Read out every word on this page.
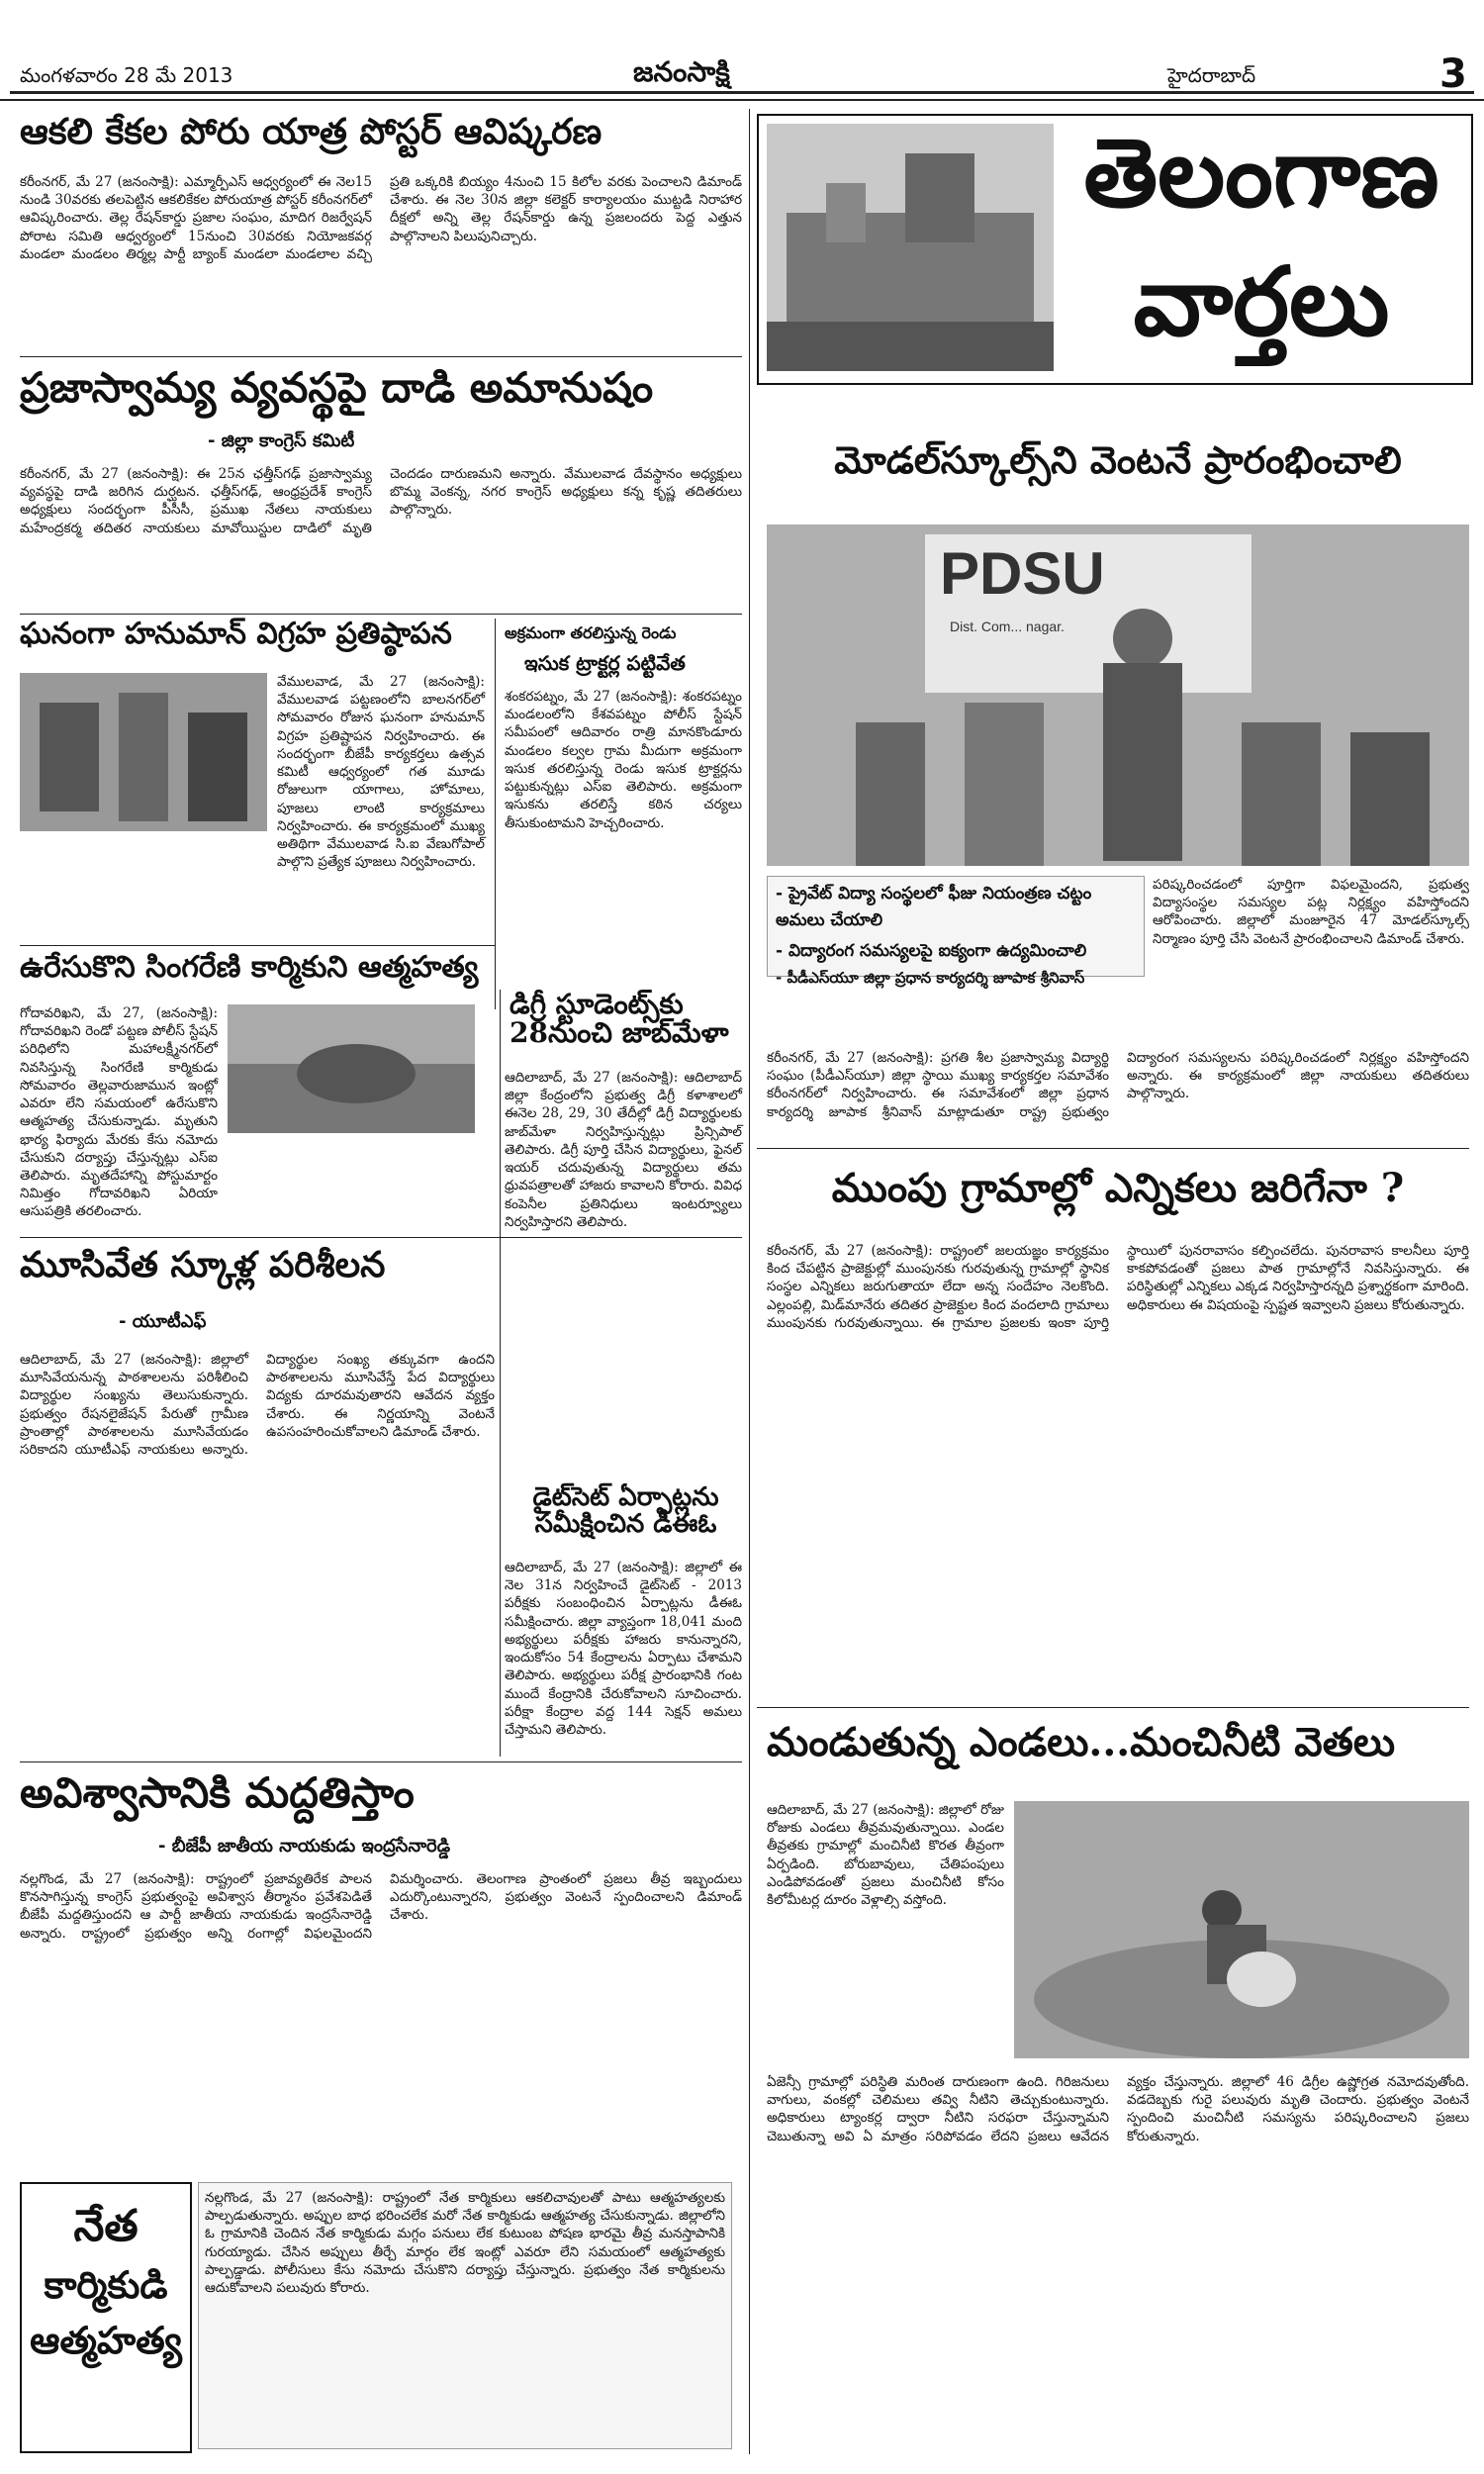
మంగళవారం 28 మే 2013	జనంసాక్షి	హైదరాబాద్	3
ఆకలి కేకల పోరు యాత్ర పోస్టర్ ఆవిష్కరణ
కరీంనగర్, మే 27 (జనంసాక్షి): ఎమ్మార్పీఎస్ ఆధ్వర్యంలో ఈ నెల15 నుండి 30వరకు తలపెట్టిన ఆకలికేకల పోరుయాత్ర పోస్టర్ కరీంనగర్‌లో ఆవిష్కరించారు. తెల్ల రేషన్‌కార్డు ప్రజాల సంఘం, మాదిగ రిజర్వేషన్ పోరాట సమితి ఆధ్వర్యంలో 15నుంచి 30వరకు నియోజకవర్గ మండలా మండలం తిర్మల్ల పార్టీ బ్యాంక్ మండలా మండలాల వచ్చి ప్రతి ఒక్కరికి బియ్యం 4నుంచి 15 కిలోల వరకు పెంచాలని డిమాండ్ చేశారు. ఈ నెల 30న జిల్లా కలెక్టర్ కార్యాలయం ముట్టడి నిరాహార దీక్షలో అన్ని తెల్ల రేషన్‌కార్డు ఉన్న ప్రజలందరు పెద్ద ఎత్తున పాల్గొనాలని పిలుపునిచ్చారు.
ప్రజాస్వామ్య వ్యవస్థపై దాడి అమానుషం
- జిల్లా కాంగ్రెస్ కమిటీ
కరీంనగర్, మే 27 (జనంసాక్షి): ఈ 25న ఛత్తీస్‌గఢ్ ప్రజాస్వామ్య వ్యవస్థపై దాడి జరిగిన దుర్ఘటన. ఛత్తీస్‌గఢ్, ఆంధ్రప్రదేశ్ కాంగ్రెస్ అధ్యక్షులు సందర్భంగా పీసీసీ, ప్రముఖ నేతలు నాయకులు మహేంద్రకర్మ తదితర నాయకులు మావోయిస్టుల దాడిలో మృతి చెందడం దారుణమని అన్నారు. వేములవాడ దేవస్థానం అధ్యక్షులు బొమ్మ వెంకన్న, నగర కాంగ్రెస్ అధ్యక్షులు కన్న కృష్ణ తదితరులు పాల్గొన్నారు.
ఘనంగా హనుమాన్ విగ్రహ ప్రతిష్ఠాపన
వేములవాడ, మే 27 (జనంసాక్షి): వేములవాడ పట్టణంలోని బాలనగర్‌లో సోమవారం రోజున ఘనంగా హనుమాన్ విగ్రహ ప్రతిష్టాపన నిర్వహించారు. ఈ సందర్భంగా బీజేపీ కార్యకర్తలు ఉత్సవ కమిటీ ఆధ్వర్యంలో గత మూడు రోజులుగా యాగాలు, హోమాలు, పూజలు లాంటి కార్యక్రమాలు నిర్వహించారు. ఈ కార్యక్రమంలో ముఖ్య అతిథిగా వేములవాడ సి.ఐ వేణుగోపాల్ పాల్గొని ప్రత్యేక పూజలు నిర్వహించారు.
అక్రమంగా తరలిస్తున్న రెండు
ఇసుక ట్రాక్టర్ల పట్టివేత
శంకరపట్నం, మే 27 (జనంసాక్షి): శంకరపట్నం మండలంలోని కేశవపట్నం పోలీస్ స్టేషన్ సమీపంలో ఆదివారం రాత్రి మానకొండూరు మండలం కల్వల గ్రామ మీదుగా అక్రమంగా ఇసుక తరలిస్తున్న రెండు ఇసుక ట్రాక్టర్లను పట్టుకున్నట్లు ఎస్ఐ తెలిపారు. అక్రమంగా ఇసుకను తరలిస్తే కఠిన చర్యలు తీసుకుంటామని హెచ్చరించారు.
ఉరేసుకొని సింగరేణి కార్మికుని ఆత్మహత్య
గోదావరిఖని, మే 27, (జనంసాక్షి): గోదావరిఖని రెండో పట్టణ పోలీస్ స్టేషన్ పరిధిలోని మహాలక్ష్మీనగర్‌లో నివసిస్తున్న సింగరేణి కార్మికుడు సోమవారం తెల్లవారుజామున ఇంట్లో ఎవరూ లేని సమయంలో ఉరేసుకొని ఆత్మహత్య చేసుకున్నాడు. మృతుని భార్య ఫిర్యాదు మేరకు కేసు నమోదు చేసుకుని దర్యాప్తు చేస్తున్నట్లు ఎస్ఐ తెలిపారు. మృతదేహాన్ని పోస్టుమార్టం నిమిత్తం గోదావరిఖని ఏరియా ఆసుపత్రికి తరలించారు.
డిగ్రీ స్టూడెంట్స్‌కు 28నుంచి జాబ్‌మేళా
ఆదిలాబాద్, మే 27 (జనంసాక్షి): ఆదిలాబాద్ జిల్లా కేంద్రంలోని ప్రభుత్వ డిగ్రీ కళాశాలలో ఈనెల 28, 29, 30 తేదీల్లో డిగ్రీ విద్యార్థులకు జాబ్‌మేళా నిర్వహిస్తున్నట్లు ప్రిన్సిపాల్ తెలిపారు. డిగ్రీ పూర్తి చేసిన విద్యార్థులు, ఫైనల్ ఇయర్ చదువుతున్న విద్యార్థులు తమ ధ్రువపత్రాలతో హాజరు కావాలని కోరారు. వివిధ కంపెనీల ప్రతినిధులు ఇంటర్వ్యూలు నిర్వహిస్తారని తెలిపారు.
మూసివేత స్కూళ్ల పరిశీలన
- యూటీఎఫ్
ఆదిలాబాద్, మే 27 (జనంసాక్షి): జిల్లాలో మూసివేయనున్న పాఠశాలలను పరిశీలించి విద్యార్థుల సంఖ్యను తెలుసుకున్నారు. ప్రభుత్వం రేషనలైజేషన్ పేరుతో గ్రామీణ ప్రాంతాల్లో పాఠశాలలను మూసివేయడం సరికాదని యూటీఎఫ్ నాయకులు అన్నారు. విద్యార్థుల సంఖ్య తక్కువగా ఉందని పాఠశాలలను మూసివేస్తే పేద విద్యార్థులు విద్యకు దూరమవుతారని ఆవేదన వ్యక్తం చేశారు. ఈ నిర్ణయాన్ని వెంటనే ఉపసంహరించుకోవాలని డిమాండ్ చేశారు.
డైట్‌సెట్ ఏర్పాట్లను సమీక్షించిన డీఈఓ
ఆదిలాబాద్, మే 27 (జనంసాక్షి): జిల్లాలో ఈ నెల 31న నిర్వహించే డైట్‌సెట్ - 2013 పరీక్షకు సంబంధించిన ఏర్పాట్లను డీఈఓ సమీక్షించారు. జిల్లా వ్యాప్తంగా 18,041 మంది అభ్యర్థులు పరీక్షకు హాజరు కానున్నారని, ఇందుకోసం 54 కేంద్రాలను ఏర్పాటు చేశామని తెలిపారు. అభ్యర్థులు పరీక్ష ప్రారంభానికి గంట ముందే కేంద్రానికి చేరుకోవాలని సూచించారు. పరీక్షా కేంద్రాల వద్ద 144 సెక్షన్ అమలు చేస్తామని తెలిపారు.
అవిశ్వాసానికి మద్దతిస్తాం
- బీజేపీ జాతీయ నాయకుడు ఇంద్రసేనారెడ్డి
నల్లగొండ, మే 27 (జనంసాక్షి): రాష్ట్రంలో ప్రజావ్యతిరేక పాలన కొనసాగిస్తున్న కాంగ్రెస్ ప్రభుత్వంపై అవిశ్వాస తీర్మానం ప్రవేశపెడితే బీజేపీ మద్దతిస్తుందని ఆ పార్టీ జాతీయ నాయకుడు ఇంద్రసేనారెడ్డి అన్నారు. రాష్ట్రంలో ప్రభుత్వం అన్ని రంగాల్లో విఫలమైందని విమర్శించారు. తెలంగాణ ప్రాంతంలో ప్రజలు తీవ్ర ఇబ్బందులు ఎదుర్కొంటున్నారని, ప్రభుత్వం వెంటనే స్పందించాలని డిమాండ్ చేశారు.
నేత
కార్మికుడి
ఆత్మహత్య
నల్లగొండ, మే 27 (జనంసాక్షి): రాష్ట్రంలో నేత కార్మికులు ఆకలిచావులతో పాటు ఆత్మహత్యలకు పాల్పడుతున్నారు. అప్పుల బాధ భరించలేక మరో నేత కార్మికుడు ఆత్మహత్య చేసుకున్నాడు. జిల్లాలోని ఓ గ్రామానికి చెందిన నేత కార్మికుడు మగ్గం పనులు లేక కుటుంబ పోషణ భారమై తీవ్ర మనస్తాపానికి గురయ్యాడు. చేసిన అప్పులు తీర్చే మార్గం లేక ఇంట్లో ఎవరూ లేని సమయంలో ఆత్మహత్యకు పాల్పడ్డాడు. పోలీసులు కేసు నమోదు చేసుకొని దర్యాప్తు చేస్తున్నారు. ప్రభుత్వం నేత కార్మికులను ఆదుకోవాలని పలువురు కోరారు.
తెలంగాణ
వార్తలు
మోడల్‌స్కూల్స్‌ని వెంటనే ప్రారంభించాలి
PDSU
Dist. Com... nagar.
- ప్రైవేట్ విద్యా సంస్థలలో ఫీజు నియంత్రణ చట్టం అమలు చేయాలి
- విద్యారంగ సమస్యలపై ఐక్యంగా ఉద్యమించాలి
- పీడీఎస్‌యూ జిల్లా ప్రధాన కార్యదర్శి జూపాక శ్రీనివాస్
పరిష్కరించడంలో పూర్తిగా విఫలమైందని, ప్రభుత్వ విద్యాసంస్థల సమస్యల పట్ల నిర్లక్ష్యం వహిస్తోందని ఆరోపించారు. జిల్లాలో మంజూరైన 47 మోడల్‌స్కూల్స్ నిర్మాణం పూర్తి చేసి వెంటనే ప్రారంభించాలని డిమాండ్ చేశారు.
కరీంనగర్, మే 27 (జనంసాక్షి): ప్రగతి శీల ప్రజాస్వామ్య విద్యార్థి సంఘం (పీడీఎస్‌యూ) జిల్లా స్థాయి ముఖ్య కార్యకర్తల సమావేశం కరీంనగర్‌లో నిర్వహించారు. ఈ సమావేశంలో జిల్లా ప్రధాన కార్యదర్శి జూపాక శ్రీనివాస్ మాట్లాడుతూ రాష్ట్ర ప్రభుత్వం విద్యారంగ సమస్యలను పరిష్కరించడంలో నిర్లక్ష్యం వహిస్తోందని అన్నారు. ఈ కార్యక్రమంలో జిల్లా నాయకులు తదితరులు పాల్గొన్నారు.
ముంపు గ్రామాల్లో ఎన్నికలు జరిగేనా ?
కరీంనగర్, మే 27 (జనంసాక్షి): రాష్ట్రంలో జలయజ్ఞం కార్యక్రమం కింద చేపట్టిన ప్రాజెక్టుల్లో ముంపునకు గురవుతున్న గ్రామాల్లో స్థానిక సంస్థల ఎన్నికలు జరుగుతాయా లేదా అన్న సందేహం నెలకొంది. ఎల్లంపల్లి, మిడ్‌మానేరు తదితర ప్రాజెక్టుల కింద వందలాది గ్రామాలు ముంపునకు గురవుతున్నాయి. ఈ గ్రామాల ప్రజలకు ఇంకా పూర్తి స్థాయిలో పునరావాసం కల్పించలేదు. పునరావాస కాలనీలు పూర్తి కాకపోవడంతో ప్రజలు పాత గ్రామాల్లోనే నివసిస్తున్నారు. ఈ పరిస్థితుల్లో ఎన్నికలు ఎక్కడ నిర్వహిస్తారన్నది ప్రశ్నార్థకంగా మారింది. అధికారులు ఈ విషయంపై స్పష్టత ఇవ్వాలని ప్రజలు కోరుతున్నారు.
మండుతున్న ఎండలు...మంచినీటి వెతలు
ఆదిలాబాద్, మే 27 (జనంసాక్షి): జిల్లాలో రోజు రోజుకు ఎండలు తీవ్రమవుతున్నాయి. ఎండల తీవ్రతకు గ్రామాల్లో మంచినీటి కొరత తీవ్రంగా ఏర్పడింది. బోరుబావులు, చేతిపంపులు ఎండిపోవడంతో ప్రజలు మంచినీటి కోసం కిలోమీటర్ల దూరం వెళ్లాల్సి వస్తోంది.
ఏజెన్సీ గ్రామాల్లో పరిస్థితి మరింత దారుణంగా ఉంది. గిరిజనులు వాగులు, వంకల్లో చెలిమలు తవ్వి నీటిని తెచ్చుకుంటున్నారు. అధికారులు ట్యాంకర్ల ద్వారా నీటిని సరఫరా చేస్తున్నామని చెబుతున్నా అవి ఏ మాత్రం సరిపోవడం లేదని ప్రజలు ఆవేదన వ్యక్తం చేస్తున్నారు. జిల్లాలో 46 డిగ్రీల ఉష్ణోగ్రత నమోదవుతోంది. వడదెబ్బకు గురై పలువురు మృతి చెందారు. ప్రభుత్వం వెంటనే స్పందించి మంచినీటి సమస్యను పరిష్కరించాలని ప్రజలు కోరుతున్నారు.
